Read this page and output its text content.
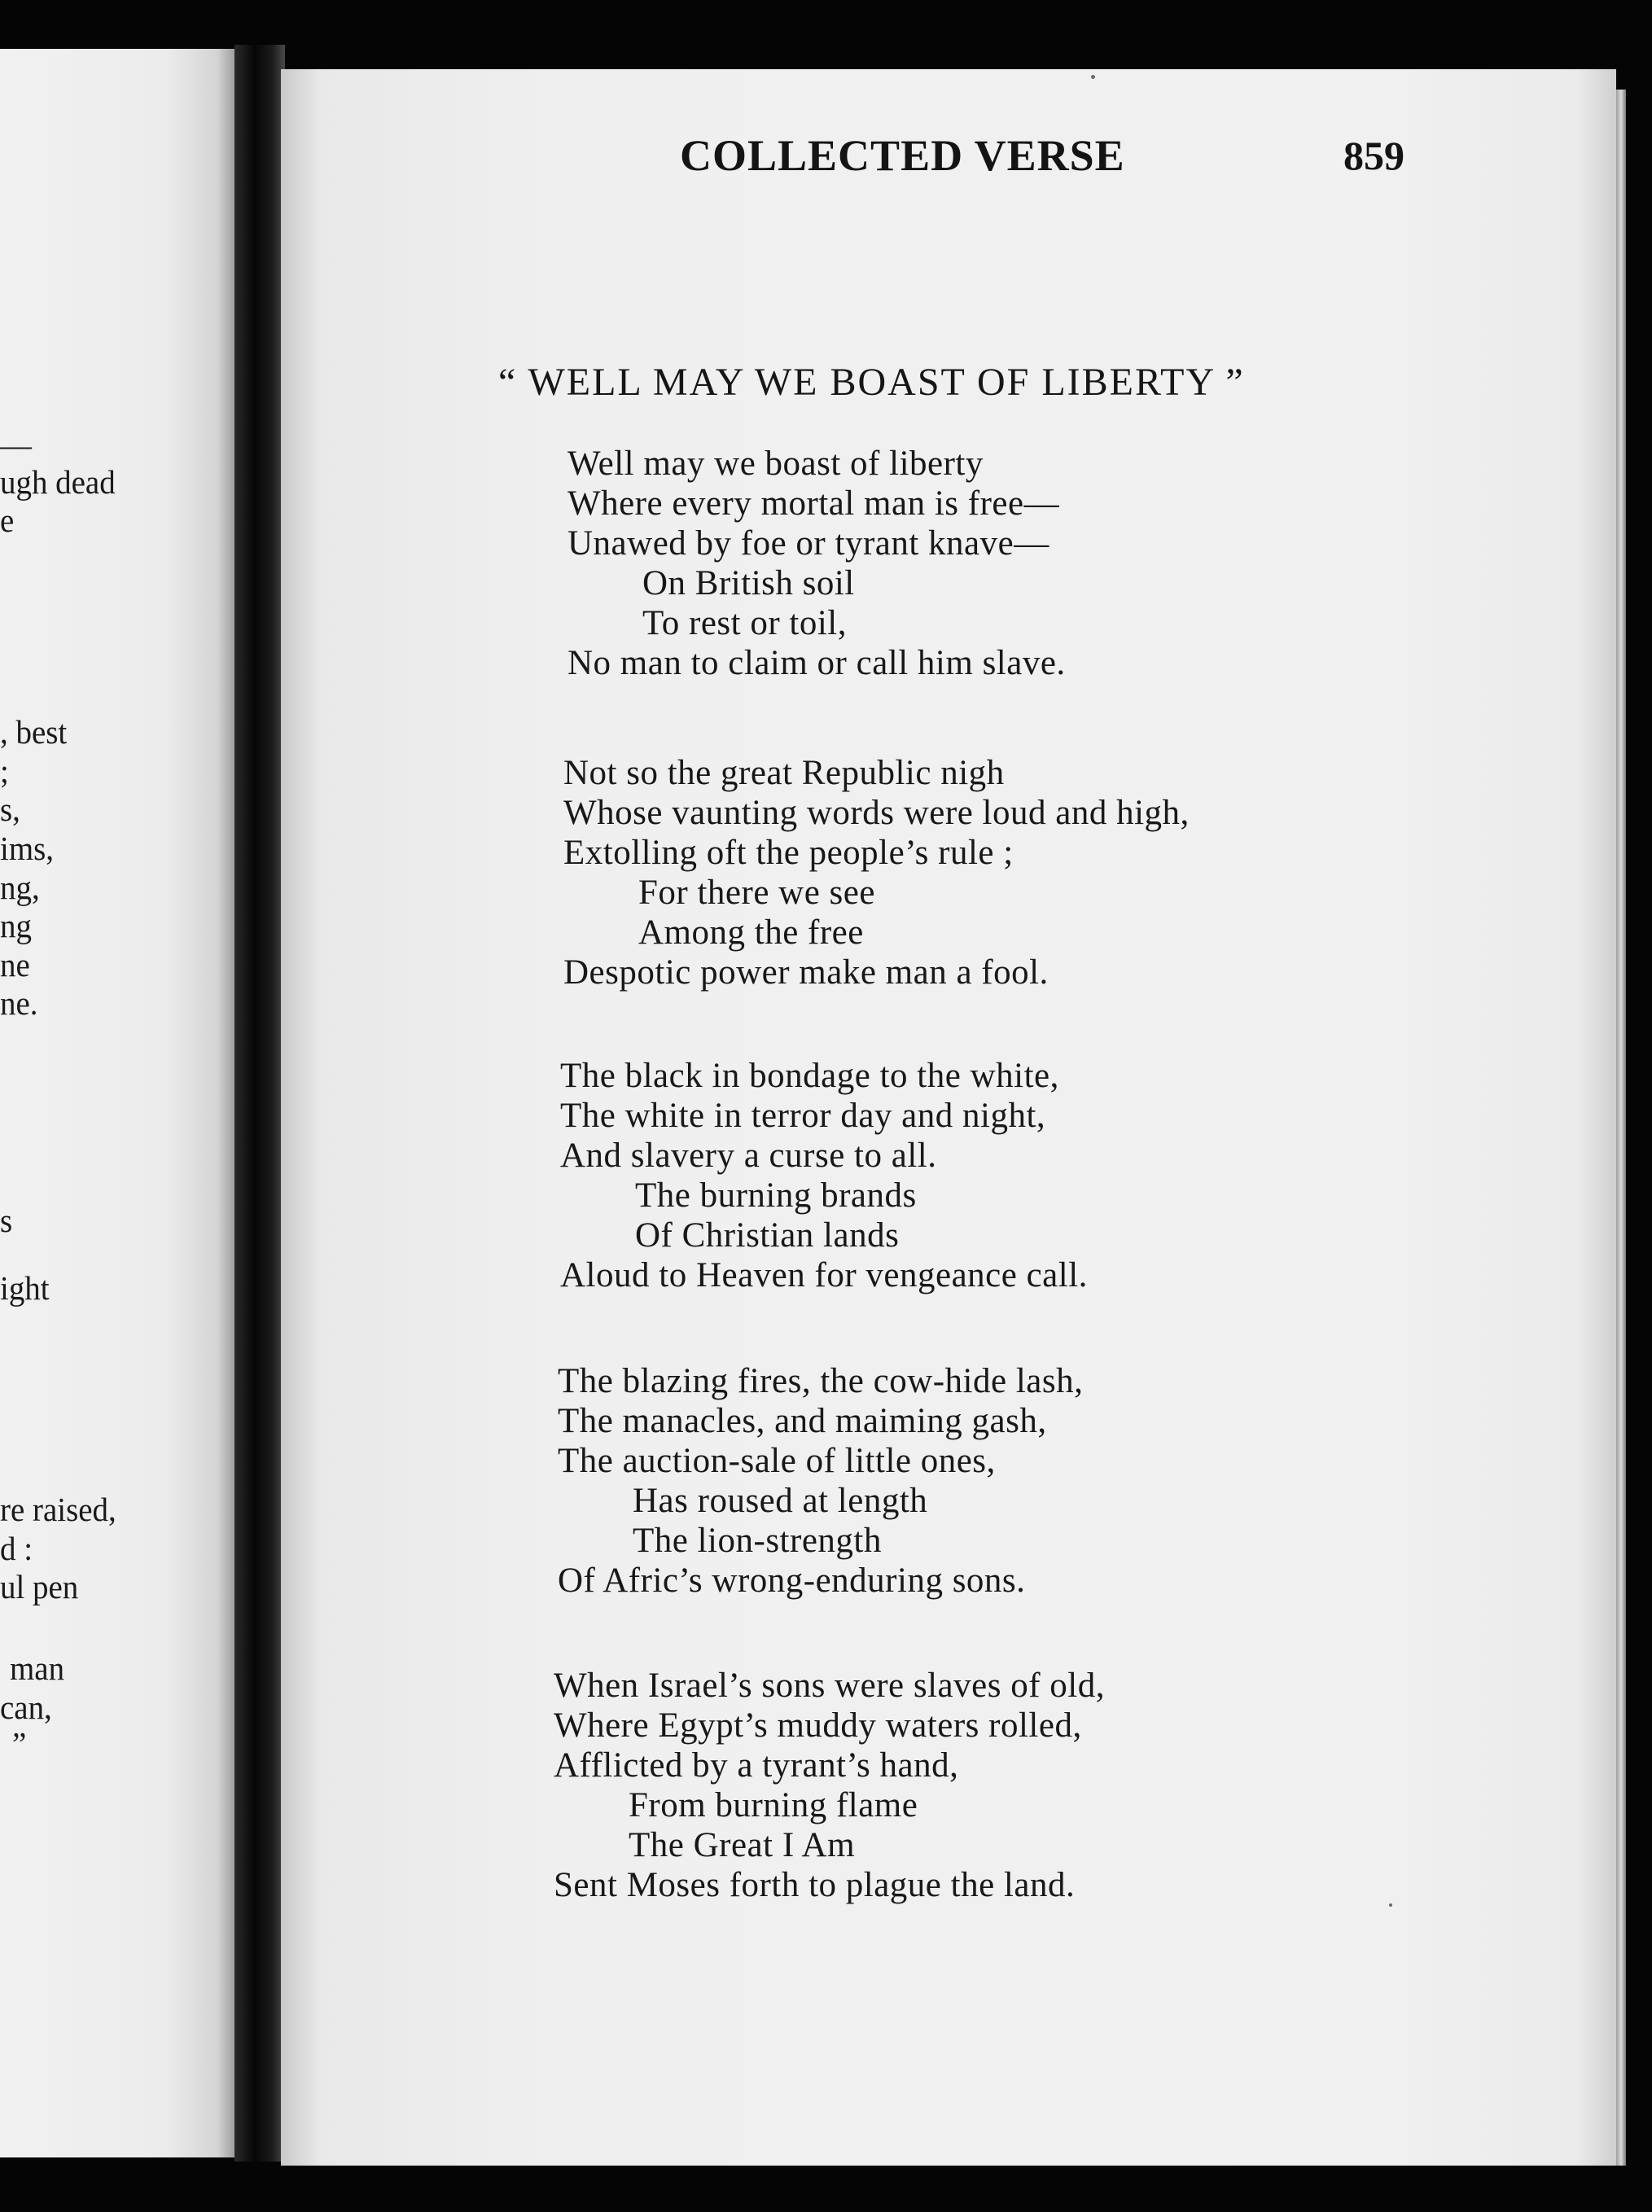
—
ugh dead
e
, best
;
s,
ims,
ng,
ng
ne
ne.
s
ight
re raised,
d :
ul pen
man
can,
”
COLLECTED VERSE	859
“ WELL MAY WE BOAST OF LIBERTY ”
Well may we boast of liberty
Where every mortal man is free—
Unawed by foe or tyrant knave—
On British soil
To rest or toil,
No man to claim or call him slave.
Not so the great Republic nigh
Whose vaunting words were loud and high,
Extolling oft the people’s rule ;
For there we see
Among the free
Despotic power make man a fool.
The black in bondage to the white,
The white in terror day and night,
And slavery a curse to all.
The burning brands
Of Christian lands
Aloud to Heaven for vengeance call.
The blazing fires, the cow-hide lash,
The manacles, and maiming gash,
The auction-sale of little ones,
Has roused at length
The lion-strength
Of Afric’s wrong-enduring sons.
When Israel’s sons were slaves of old,
Where Egypt’s muddy waters rolled,
Afflicted by a tyrant’s hand,
From burning flame
The Great I Am
Sent Moses forth to plague the land.
